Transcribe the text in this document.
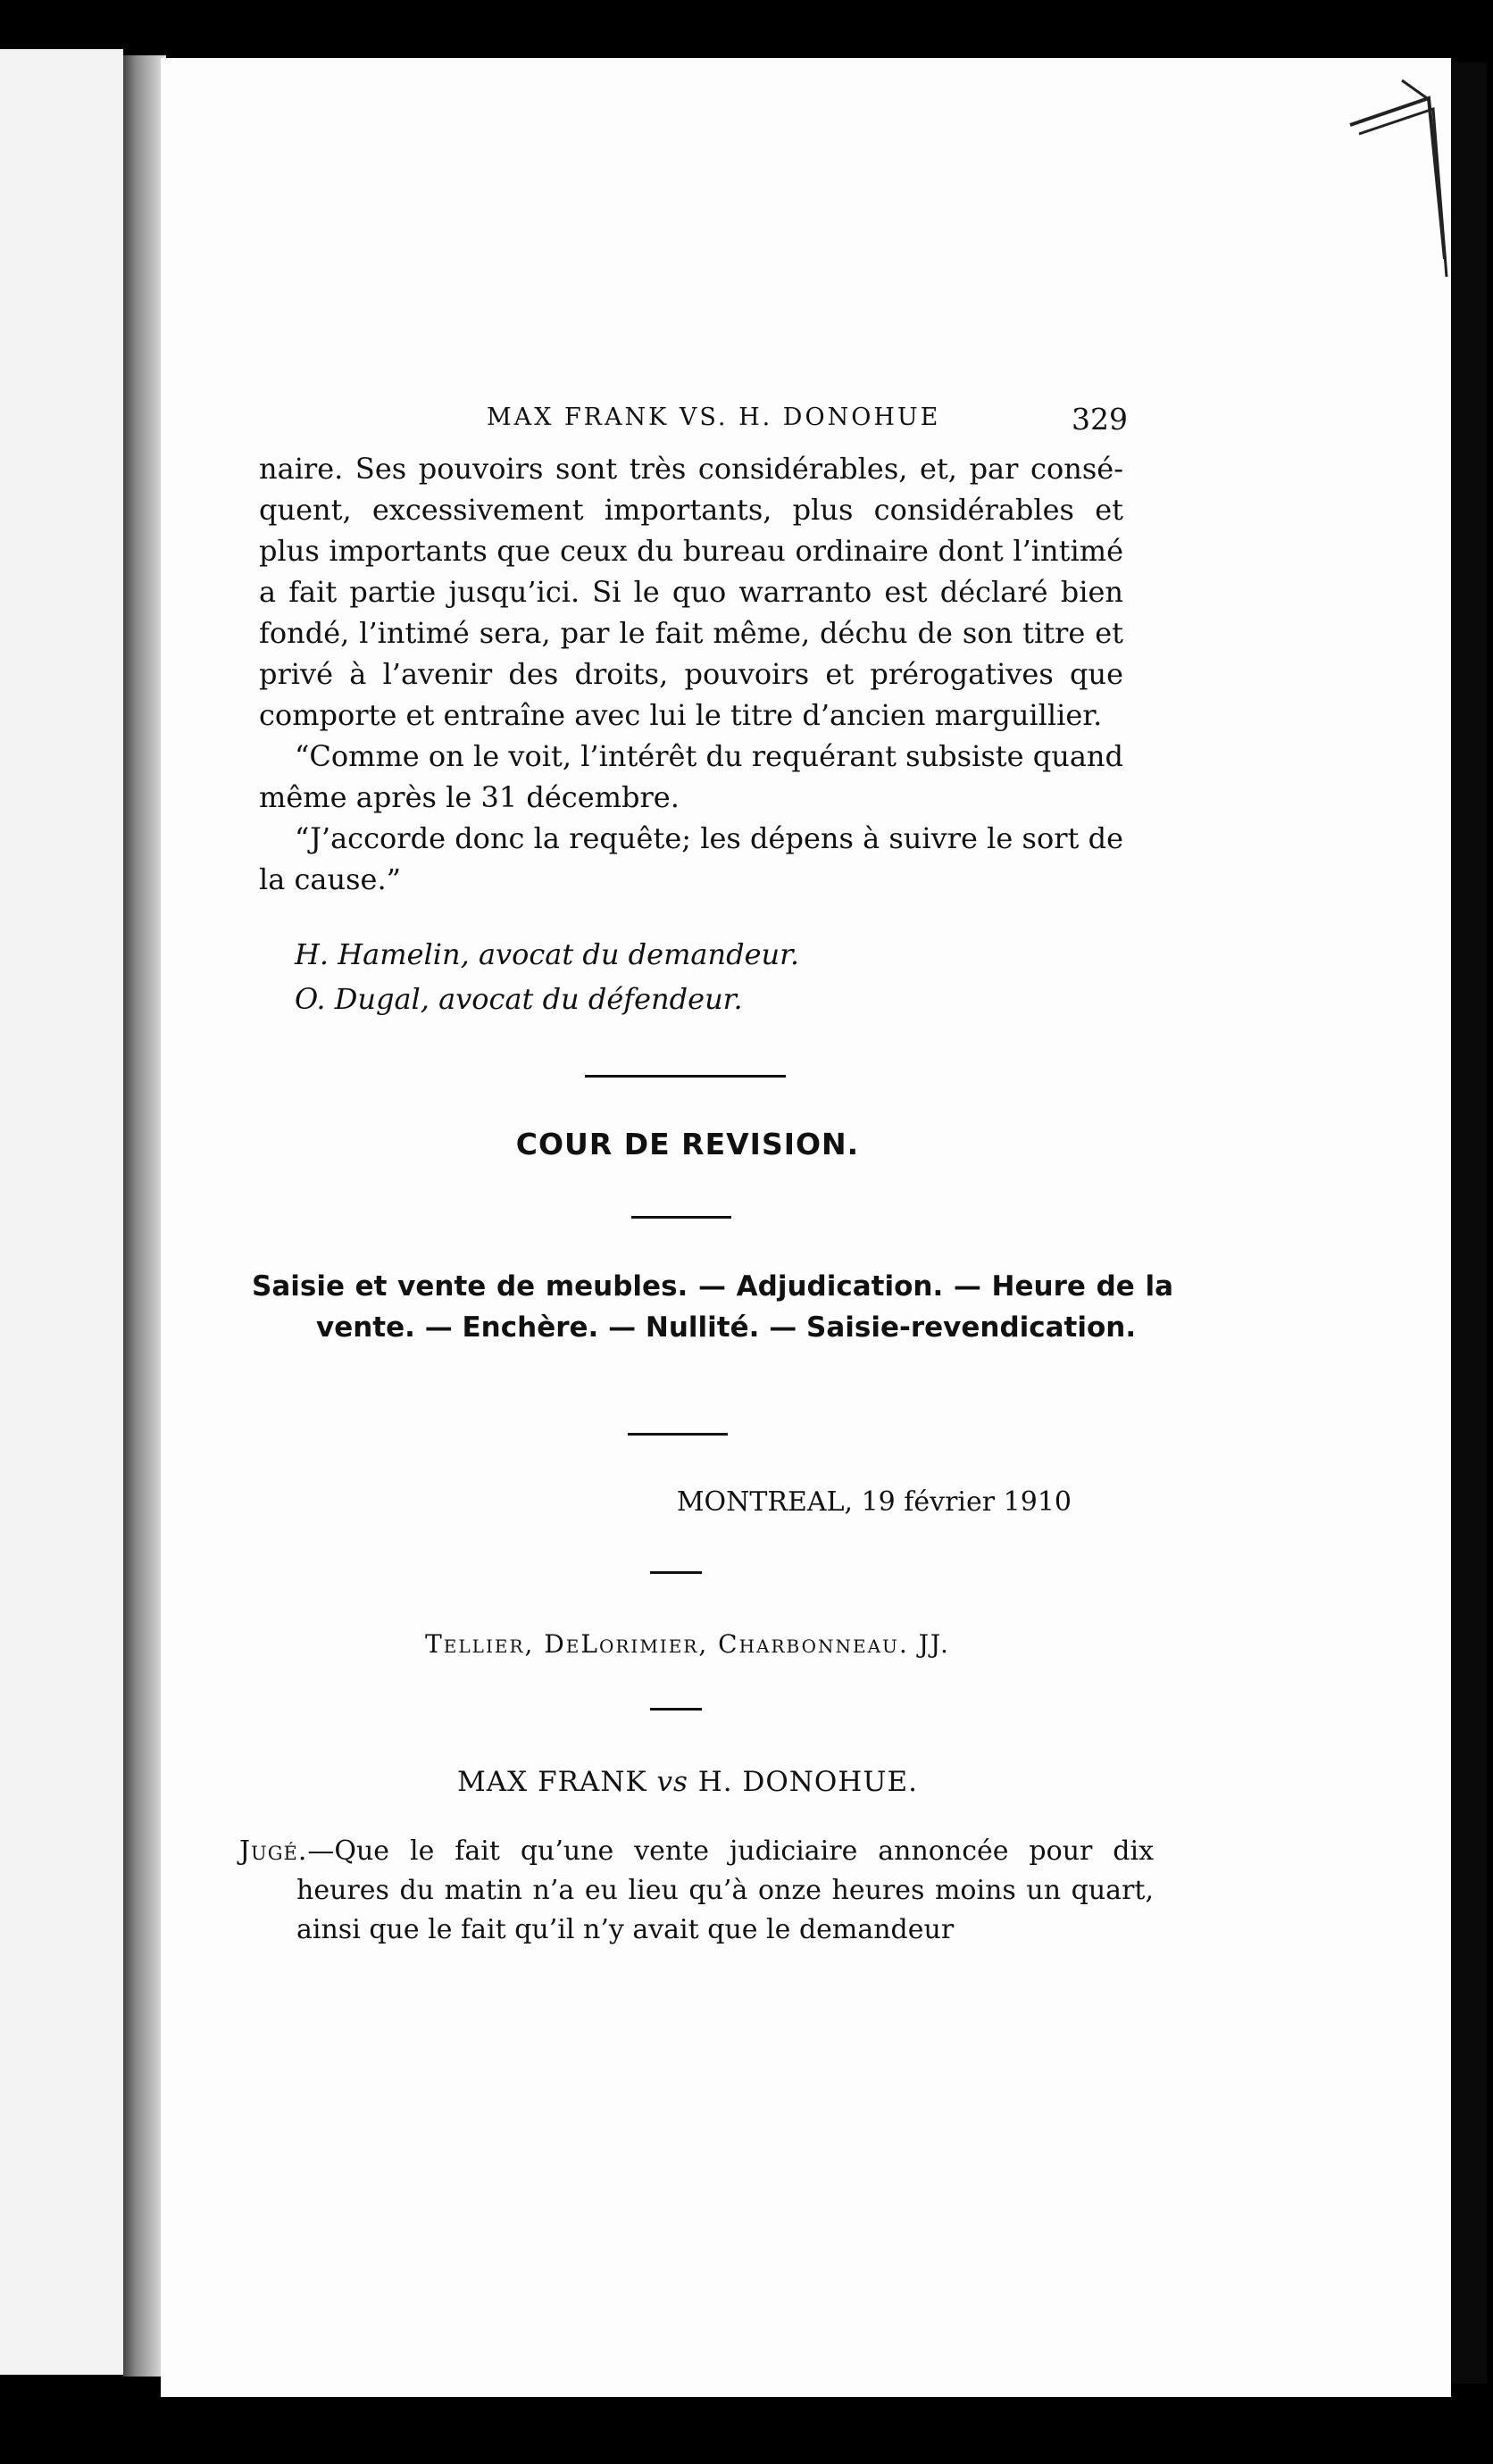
MAX FRANK VS. H. DONOHUE	329

naire. Ses pouvoirs sont très considérables, et, par conséquent, excessivement importants, plus considérables et plus importants que ceux du bureau ordinaire dont l’intimé a fait partie jusqu’ici. Si le quo warranto est déclaré bien fondé, l’intimé sera, par le fait même, déchu de son titre et privé à l’avenir des droits, pouvoirs et prérogatives que comporte et entraîne avec lui le titre d’ancien marguillier.

“Comme on le voit, l’intérêt du requérant subsiste quand même après le 31 décembre.

“J’accorde donc la requête; les dépens à suivre le sort de la cause.”

H. Hamelin, avocat du demandeur.
O. Dugal, avocat du défendeur.
COUR DE REVISION.
Saisie et vente de meubles. — Adjudication. — Heure de la vente. — Enchère. — Nullité. — Saisie-revendication.
MONTREAL, 19 février 1910
Tellier, DeLorimier, Charbonneau. JJ.
MAX FRANK vs H. DONOHUE.
Jugé.—Que le fait qu’une vente judiciaire annoncée pour dix heures du matin n’a eu lieu qu’à onze heures moins un quart, ainsi que le fait qu’il n’y avait que le demandeur
